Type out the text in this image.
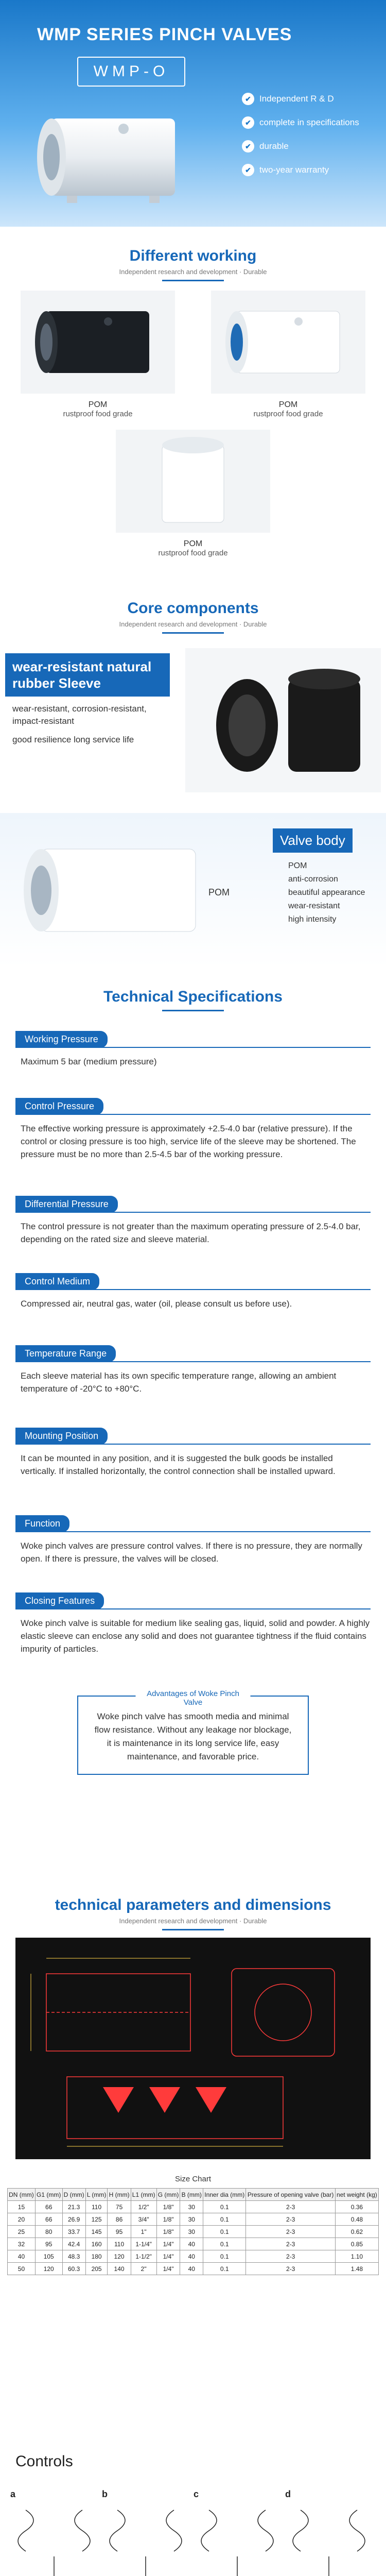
WMP SERIES PINCH VALVES
WMP-O
✔ Independent R & D
✔ complete in specifications
✔ durable
✔ two-year warranty
Different working
Independent research and development · Durable
POM
rustproof food grade
POM
rustproof food grade
POM
rustproof food grade
Core components
Independent research and development · Durable
wear-resistant natural rubber Sleeve

wear-resistant, corrosion-resistant, impact-resistant

good resilience long service life

POM
Valve body
POM
anti-corrosion
beautiful appearance
wear-resistant
high intensity
Technical Specifications
Working Pressure
Maximum 5 bar (medium pressure)
Control Pressure
The effective working pressure is approximately +2.5-4.0 bar (relative pressure). If the control or closing pressure is too high, service life of the sleeve may be shortened. The pressure must be no more than 2.5-4.5 bar of the working pressure.
Differential Pressure
The control pressure is not greater than the maximum operating pressure of 2.5-4.0 bar, depending on the rated size and sleeve material.
Control Medium
Compressed air, neutral gas, water (oil, please consult us before use).
Temperature Range
Each sleeve material has its own specific temperature range, allowing an ambient temperature of -20°C to +80°C.
Mounting Position
It can be mounted in any position, and it is suggested the bulk goods be installed vertically. If installed horizontally, the control connection shall be installed upward.
Function
Woke pinch valves are pressure control valves. If there is no pressure, they are normally open. If there is pressure, the valves will be closed.
Closing Features
Woke pinch valve is suitable for medium like sealing gas, liquid, solid and powder. A highly elastic sleeve can enclose any solid and does not guarantee tightness if the fluid contains impurity of particles.
Advantages of Woke Pinch Valve
Woke pinch valve has smooth media and minimal flow resistance. Without any leakage nor blockage, it is maintenance in its long service life, easy maintenance, and favorable price.
technical parameters and dimensions
Independent research and development · Durable
Size Chart
DN (mm)	G1 (mm)	D (mm)	L (mm)	H (mm)	L1 (mm)	G (mm)	B (mm)	Inner dia (mm)	Pressure of opening valve (bar)	net weight (kg)
15	66	21.3	110	75	1/2"	1/8"	30	0.1	2-3	0.36
20	66	26.9	125	86	3/4"	1/8"	30	0.1	2-3	0.48
25	80	33.7	145	95	1"	1/8"	30	0.1	2-3	0.62
32	95	42.4	160	110	1-1/4"	1/4"	40	0.1	2-3	0.85
40	105	48.3	180	120	1-1/2"	1/4"	40	0.1	2-3	1.10
50	120	60.3	205	140	2"	1/4"	40	0.1	2-3	1.48
Controls
a	b	c	d
